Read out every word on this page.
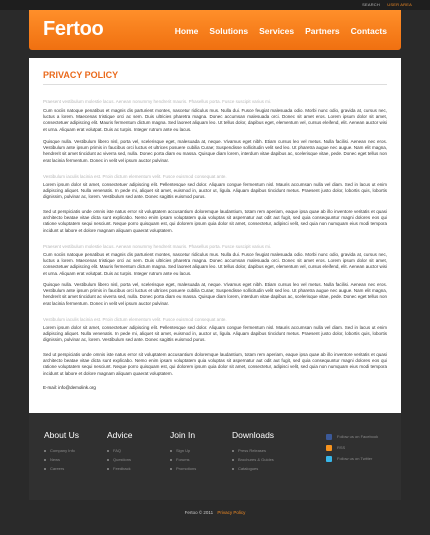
SEARCH USER AREA
Fertoo	Home Solutions Services Partners Contacts
PRIVACY POLICY

Praesent vestibulum molestie lacus. Aenean nonummy hendrerit mauris. Phasellus porta. Fusce suscipit varius mi.

Cum sociis natoque penatibus et magnis dis parturient montes, nascetur ridiculus mus. Nulla dui. Fusce feugiat malesuada odio. Morbi nunc odio, gravida at, cursus nec, luctus a lorem. Maecenas tristique orci ac sem. Duis ultricies pharetra magna. Donec accumsan malesuada orci. Donec sit amet eros. Lorem ipsum dolor sit amet, consectetuer adipiscing elit. Mauris fermentum dictum magna. Sed laoreet aliquam leo. Ut tellus dolor, dapibus eget, elementum vel, cursus eleifend, elit. Aenean auctor wisi et urna. Aliquam erat volutpat. Duis ac turpis. Integer rutrum ante eu lacus.

Quisque nulla. Vestibulum libero nisl, porta vel, scelerisque eget, malesuada at, neque. Vivamus eget nibh. Etiam cursus leo vel metus. Nulla facilisi. Aenean nec eros. Vestibulum ante ipsum primis in faucibus orci luctus et ultrices posuere cubilia Curae; Suspendisse sollicitudin velit sed leo. Ut pharetra augue nec augue. Nam elit magna, hendrerit sit amet tincidunt ac viverra sed, nulla. Donec porta diam eu massa. Quisque diam lorem, interdum vitae dapibus ac, scelerisque vitae, pede. Donec eget tellus non erat lacinia fermentum. Donec in velit vel ipsum auctor pulvinar.

Vestibulum iaculis lacinia est. Proin dictum elementum velit. Fusce euismod consequat ante.

Lorem ipsum dolor sit amet, consectetuer adipiscing elit. Pellentesque sed dolor. Aliquam congue fermentum nisl. Mauris accumsan nulla vel diam. Sed in lacus ut enim adipiscing aliquet. Nulla venenatis. In pede mi, aliquet sit amet, euismod in, auctor ut, ligula. Aliquam dapibus tincidunt metus. Praesent justo dolor, lobortis quis, lobortis dignissim, pulvinar ac, lorem. Vestibulum sed ante. Donec sagittis euismod purus.

Sed ut perspiciatis unde omnis iste natus error sit voluptatem accusantium doloremque laudantium, totam rem aperiam, eaque ipsa quae ab illo inventore veritatis et quasi architecto beatae vitae dicta sunt explicabo. Nemo enim ipsam voluptatem quia voluptas sit aspernatur aut odit aut fugit, sed quia consequuntur magni dolores eos qui ratione voluptatem sequi nesciunt. Neque porro quisquam est, qui dolorem ipsum quia dolor sit amet, consectetur, adipisci velit, sed quia non numquam eius modi tempora incidunt ut labore et dolore magnam aliquam quaerat voluptatem.

Praesent vestibulum molestie lacus. Aenean nonummy hendrerit mauris. Phasellus porta. Fusce suscipit varius mi.

Cum sociis natoque penatibus et magnis dis parturient montes, nascetur ridiculus mus. Nulla dui. Fusce feugiat malesuada odio. Morbi nunc odio, gravida at, cursus nec, luctus a lorem. Maecenas tristique orci ac sem. Duis ultricies pharetra magna. Donec accumsan malesuada orci. Donec sit amet eros. Lorem ipsum dolor sit amet, consectetuer adipiscing elit. Mauris fermentum dictum magna. Sed laoreet aliquam leo. Ut tellus dolor, dapibus eget, elementum vel, cursus eleifend, elit. Aenean auctor wisi et urna. Aliquam erat volutpat. Duis ac turpis. Integer rutrum ante eu lacus.

Quisque nulla. Vestibulum libero nisl, porta vel, scelerisque eget, malesuada at, neque. Vivamus eget nibh. Etiam cursus leo vel metus. Nulla facilisi. Aenean nec eros. Vestibulum ante ipsum primis in faucibus orci luctus et ultrices posuere cubilia Curae; Suspendisse sollicitudin velit sed leo. Ut pharetra augue nec augue. Nam elit magna, hendrerit sit amet tincidunt ac viverra sed, nulla. Donec porta diam eu massa. Quisque diam lorem, interdum vitae dapibus ac, scelerisque vitae, pede. Donec eget tellus non erat lacinia fermentum. Donec in velit vel ipsum auctor pulvinar.

Vestibulum iaculis lacinia est. Proin dictum elementum velit. Fusce euismod consequat ante.

Lorem ipsum dolor sit amet, consectetuer adipiscing elit. Pellentesque sed dolor. Aliquam congue fermentum nisl. Mauris accumsan nulla vel diam. Sed in lacus ut enim adipiscing aliquet. Nulla venenatis. In pede mi, aliquet sit amet, euismod in, auctor ut, ligula. Aliquam dapibus tincidunt metus. Praesent justo dolor, lobortis quis, lobortis dignissim, pulvinar ac, lorem. Vestibulum sed ante. Donec sagittis euismod purus.

Sed ut perspiciatis unde omnis iste natus error sit voluptatem accusantium doloremque laudantium, totam rem aperiam, eaque ipsa quae ab illo inventore veritatis et quasi architecto beatae vitae dicta sunt explicabo. Nemo enim ipsam voluptatem quia voluptas sit aspernatur aut odit aut fugit, sed quia consequuntur magni dolores eos qui ratione voluptatem sequi nesciunt. Neque porro quisquam est, qui dolorem ipsum quia dolor sit amet, consectetur, adipisci velit, sed quia non numquam eius modi tempora incidunt ut labore et dolore magnam aliquam quaerat voluptatem.

E-mail: info@demolink.org

About Us
Company Info
News
Careers
Advice
FAQ
Questions
Feedback
Join In
Sign Up
Forums
Promotions
Downloads
Press Releases
Brochures & Guides
Catalogues
Follow us on Facebook
RSS
Follow us on Twitter
Fertoo © 2011 Privacy Policy
